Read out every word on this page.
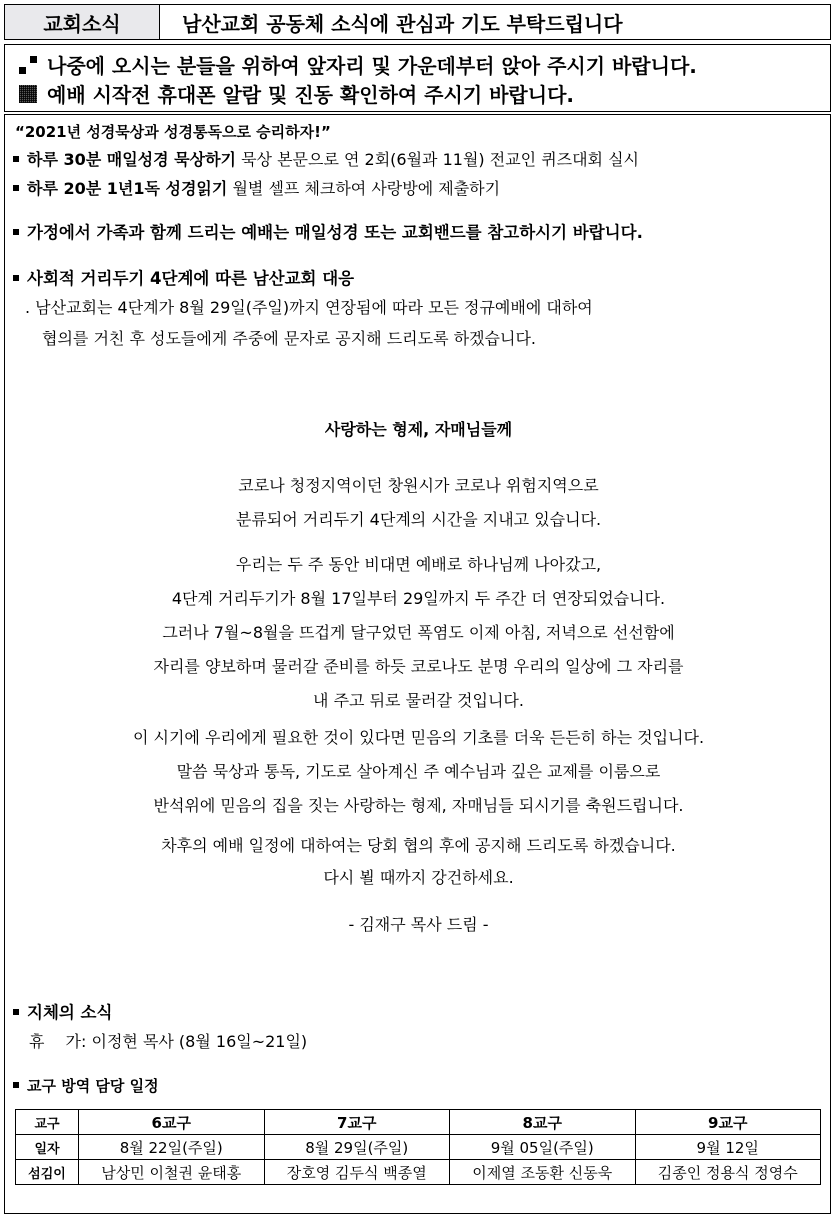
교회소식	남산교회 공동체 소식에 관심과 기도 부탁드립니다
나중에 오시는 분들을 위하여 앞자리 및 가운데부터 앉아 주시기 바랍니다.
예배 시작전 휴대폰 알람 및 진동 확인하여 주시기 바랍니다.
“2021년 성경묵상과 성경통독으로 승리하자!”
하루 30분 매일성경 묵상하기 묵상 본문으로 연 2회(6월과 11월) 전교인 퀴즈대회 실시
하루 20분 1년1독 성경읽기 월별 셀프 체크하여 사랑방에 제출하기
가정에서 가족과 함께 드리는 예배는 매일성경 또는 교회밴드를 참고하시기 바랍니다.
사회적 거리두기 4단계에 따른 남산교회 대응
. 남산교회는 4단계가 8월 29일(주일)까지 연장됨에 따라 모든 정규예배에 대하여
협의를 거친 후 성도들에게 주중에 문자로 공지해 드리도록 하겠습니다.
사랑하는 형제, 자매님들께
코로나 청정지역이던 창원시가 코로나 위험지역으로
분류되어 거리두기 4단계의 시간을 지내고 있습니다.
우리는 두 주 동안 비대면 예배로 하나님께 나아갔고,
4단계 거리두기가 8월 17일부터 29일까지 두 주간 더 연장되었습니다.
그러나 7월~8월을 뜨겁게 달구었던 폭염도 이제 아침, 저녁으로 선선함에
자리를 양보하며 물러갈 준비를 하듯 코로나도 분명 우리의 일상에 그 자리를
내 주고 뒤로 물러갈 것입니다.
이 시기에 우리에게 필요한 것이 있다면 믿음의 기초를 더욱 든든히 하는 것입니다.
말씀 묵상과 통독, 기도로 살아계신 주 예수님과 깊은 교제를 이룸으로
반석위에 믿음의 집을 짓는 사랑하는 형제, 자매님들 되시기를 축원드립니다.
차후의 예배 일정에 대하여는 당회 협의 후에 공지해 드리도록 하겠습니다.
다시 뵐 때까지 강건하세요.
- 김재구 목사 드림 -
지체의 소식
휴　 가: 이정현 목사 (8월 16일~21일)
교구 방역 담당 일정
교구	6교구	7교구	8교구	9교구
일자	8월 22일(주일)	8월 29일(주일)	9월 05일(주일)	9월 12일
섬김이	남상민 이철권 윤태홍	장호영 김두식 백종열	이제열 조동환 신동욱	김종인 정용식 정영수
